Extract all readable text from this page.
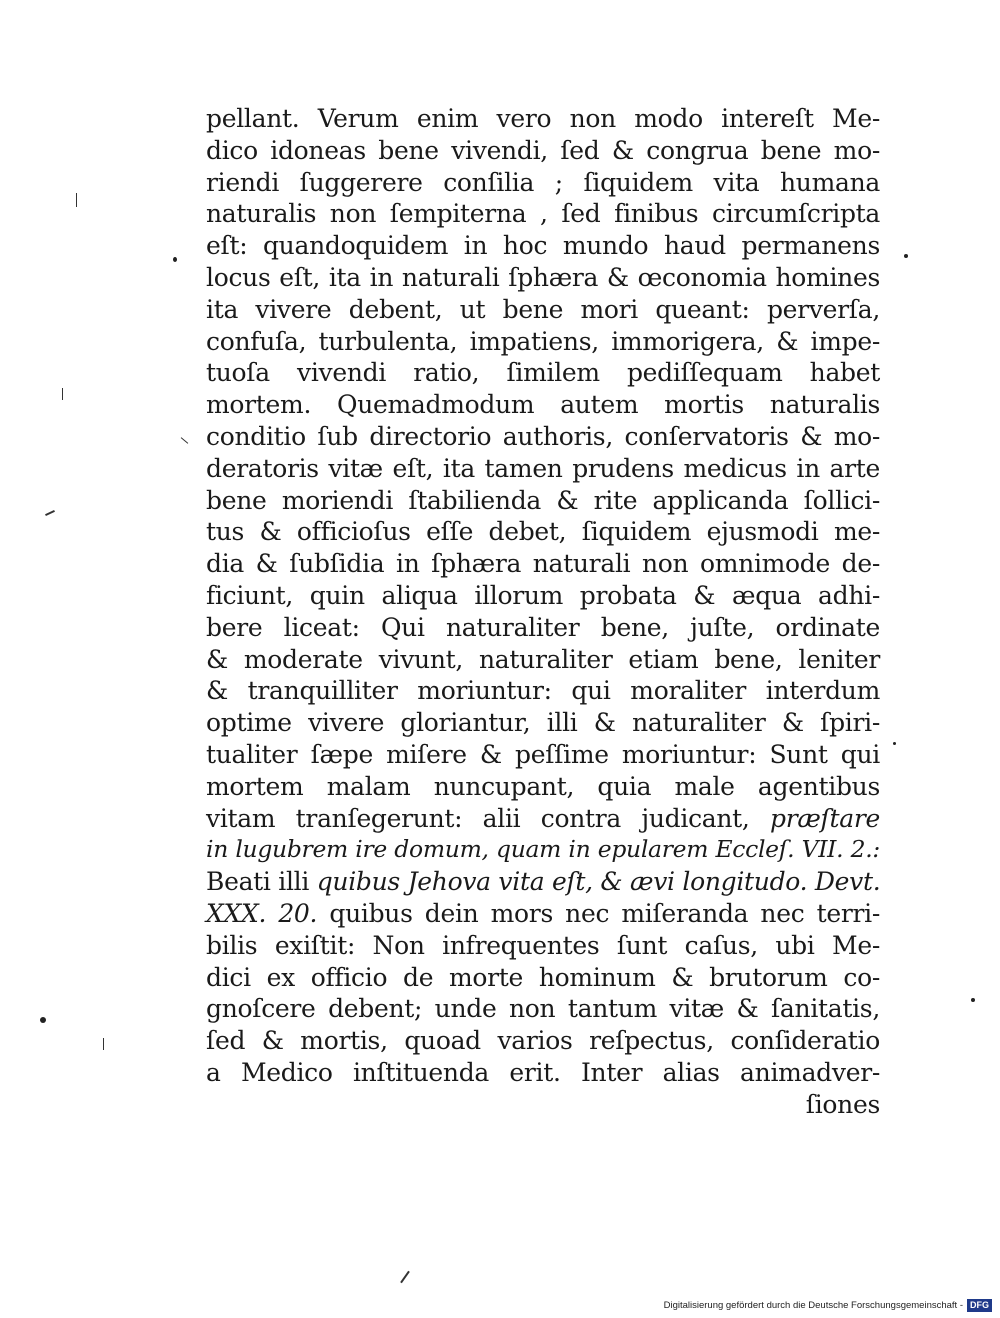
pellant. Verum enim vero non modo intereſt Me-
dico idoneas bene vivendi, ſed & congrua bene mo-
riendi ſuggerere conſilia ; ſiquidem vita humana
naturalis non ſempiterna , ſed finibus circumſcripta
eſt: quandoquidem in hoc mundo haud permanens
locus eſt, ita in naturali ſphæra & œconomia homines
ita vivere debent, ut bene mori queant: perverſa,
confuſa, turbulenta, impatiens, immorigera, & impe-
tuoſa vivendi ratio, ſimilem pediſſequam habet
mortem. Quemadmodum autem mortis naturalis
conditio ſub directorio authoris, conſervatoris & mo-
deratoris vitæ eſt, ita tamen prudens medicus in arte
bene moriendi ſtabilienda & rite applicanda ſollici-
tus & officioſus eſſe debet, ſiquidem ejusmodi me-
dia & ſubſidia in ſphæra naturali non omnimode de-
ficiunt, quin aliqua illorum probata & æqua adhi-
bere liceat: Qui naturaliter bene, juſte, ordinate
& moderate vivunt, naturaliter etiam bene, leniter
& tranquilliter moriuntur: qui moraliter interdum
optime vivere gloriantur, illi & naturaliter & ſpiri-
tualiter ſæpe miſere & peſſime moriuntur: Sunt qui
mortem malam nuncupant, quia male agentibus
vitam tranſegerunt: alii contra judicant, præſtare
in lugubrem ire domum, quam in epularem Eccleſ. VII. 2.:
Beati illi quibus Jehova vita eſt, & ævi longitudo. Devt.
XXX. 20. quibus dein mors nec miſeranda nec terri-
bilis exiſtit: Non infrequentes ſunt caſus, ubi Me-
dici ex officio de morte hominum & brutorum co-
gnoſcere debent; unde non tantum vitæ & ſanitatis,
ſed & mortis, quoad varios reſpectus, conſideratio
a Medico inſtituenda erit. Inter alias animadver-
ſiones
Digitalisierung gefördert durch die Deutsche Forschungsgemeinschaft - DFG
